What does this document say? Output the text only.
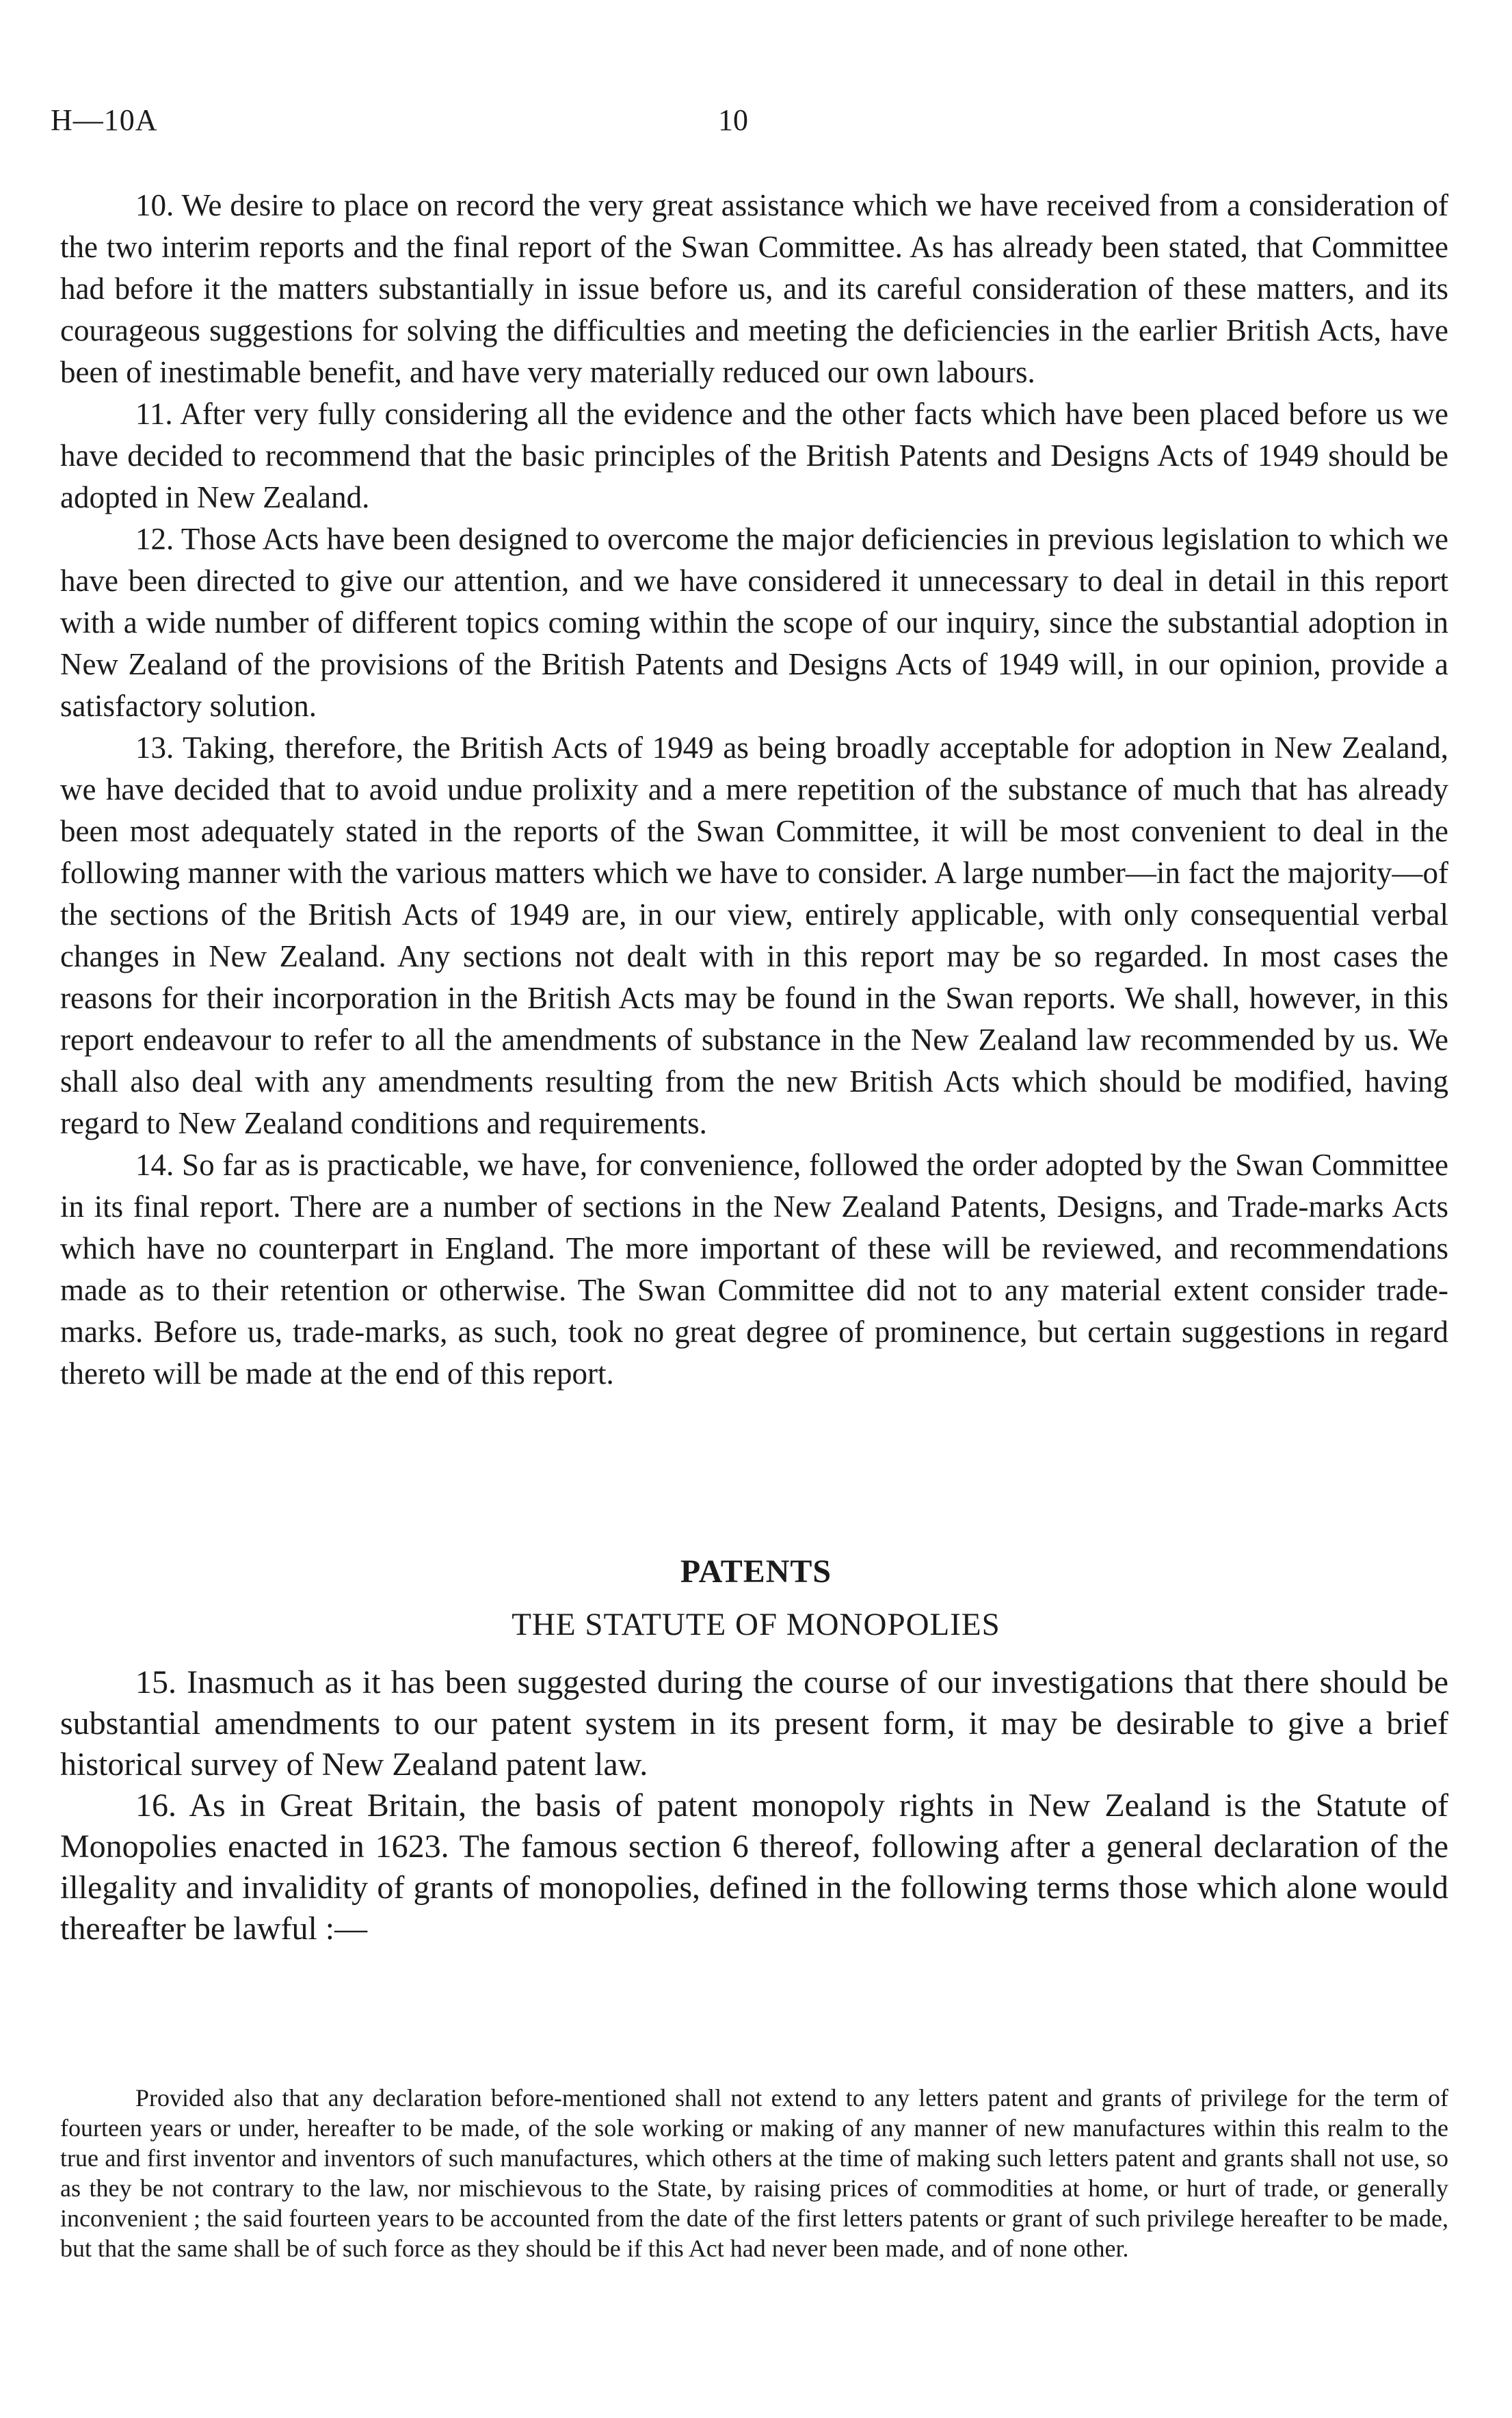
H—10A	10

10. We desire to place on record the very great assistance which we have received from a consideration of the two interim reports and the final report of the Swan Committee. As has already been stated, that Committee had before it the matters substantially in issue before us, and its careful consideration of these matters, and its courageous suggestions for solving the difficulties and meeting the deficiencies in the earlier British Acts, have been of inestimable benefit, and have very materially reduced our own labours.

11. After very fully considering all the evidence and the other facts which have been placed before us we have decided to recommend that the basic principles of the British Patents and Designs Acts of 1949 should be adopted in New Zealand.

12. Those Acts have been designed to overcome the major deficiencies in previous legislation to which we have been directed to give our attention, and we have considered it unnecessary to deal in detail in this report with a wide number of different topics coming within the scope of our inquiry, since the substantial adoption in New Zealand of the provisions of the British Patents and Designs Acts of 1949 will, in our opinion, provide a satisfactory solution.

13. Taking, therefore, the British Acts of 1949 as being broadly acceptable for adoption in New Zealand, we have decided that to avoid undue prolixity and a mere repetition of the substance of much that has already been most adequately stated in the reports of the Swan Committee, it will be most convenient to deal in the following manner with the various matters which we have to consider. A large number—in fact the majority—of the sections of the British Acts of 1949 are, in our view, entirely applicable, with only consequential verbal changes in New Zealand. Any sections not dealt with in this report may be so regarded. In most cases the reasons for their incorporation in the British Acts may be found in the Swan reports. We shall, however, in this report endeavour to refer to all the amendments of substance in the New Zealand law recommended by us. We shall also deal with any amendments resulting from the new British Acts which should be modified, having regard to New Zealand conditions and requirements.

14. So far as is practicable, we have, for convenience, followed the order adopted by the Swan Committee in its final report. There are a number of sections in the New Zealand Patents, Designs, and Trade-marks Acts which have no counterpart in England. The more important of these will be reviewed, and recommendations made as to their retention or otherwise. The Swan Committee did not to any material extent consider trade-marks. Before us, trade-marks, as such, took no great degree of prominence, but certain suggestions in regard thereto will be made at the end of this report.

PATENTS
THE STATUTE OF MONOPOLIES

15. Inasmuch as it has been suggested during the course of our investigations that there should be substantial amendments to our patent system in its present form, it may be desirable to give a brief historical survey of New Zealand patent law.

16. As in Great Britain, the basis of patent monopoly rights in New Zealand is the Statute of Monopolies enacted in 1623. The famous section 6 thereof, following after a general declaration of the illegality and invalidity of grants of monopolies, defined in the following terms those which alone would thereafter be lawful :—

Provided also that any declaration before-mentioned shall not extend to any letters patent and grants of privilege for the term of fourteen years or under, hereafter to be made, of the sole working or making of any manner of new manufactures within this realm to the true and first inventor and inventors of such manufactures, which others at the time of making such letters patent and grants shall not use, so as they be not contrary to the law, nor mischievous to the State, by raising prices of commodities at home, or hurt of trade, or generally inconvenient ; the said fourteen years to be accounted from the date of the first letters patents or grant of such privilege hereafter to be made, but that the same shall be of such force as they should be if this Act had never been made, and of none other.
